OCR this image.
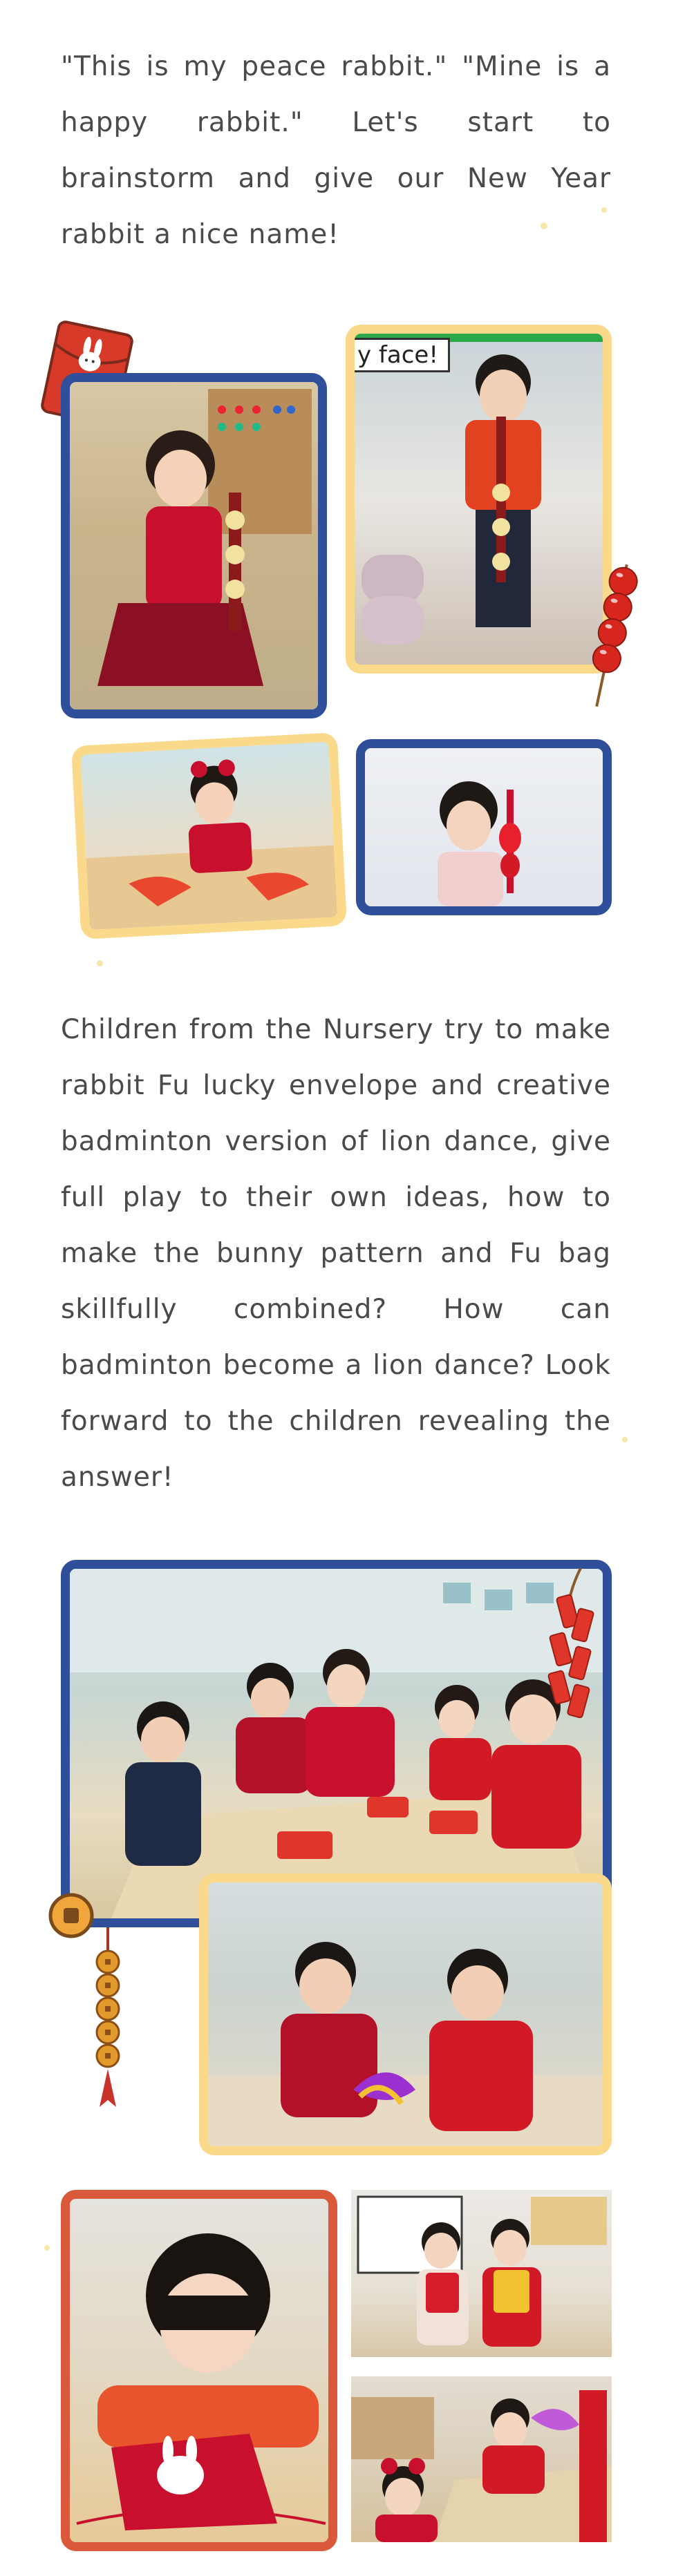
"This is my peace rabbit." "Mine is a happy rabbit." Let's start to brainstorm and give our New Year rabbit a nice name!
y face!
Children from the Nursery try to make rabbit Fu lucky envelope and creative badminton version of lion dance, give full play to their own ideas, how to make the bunny pattern and Fu bag skillfully combined? How can badminton become a lion dance? Look forward to the children revealing the answer!
